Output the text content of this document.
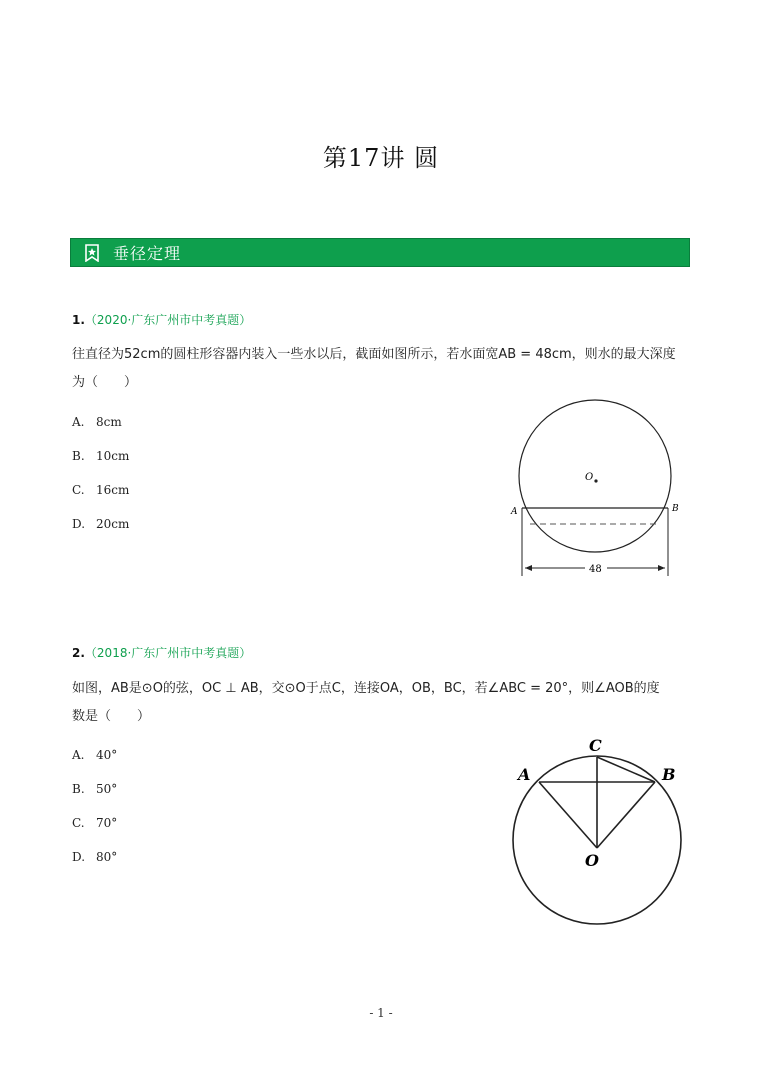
第17讲 圆
垂径定理
1.（2020·广东广州市中考真题）
往直径为52cm的圆柱形容器内装入一些水以后，截面如图所示，若水面宽AB = 48cm，则水的最大深度
为（　　）
A. 8cm
B. 10cm
C. 16cm
D. 20cm
O
A	B
48
2.（2018·广东广州市中考真题）
如图，AB是⊙O的弦，OC ⊥ AB，交⊙O于点C，连接OA，OB，BC，若∠ABC = 20°，则∠AOB的度
数是（　　）
A. 40°
B. 50°
C. 70°
D. 80°
C
A	B
O
- 1 -
